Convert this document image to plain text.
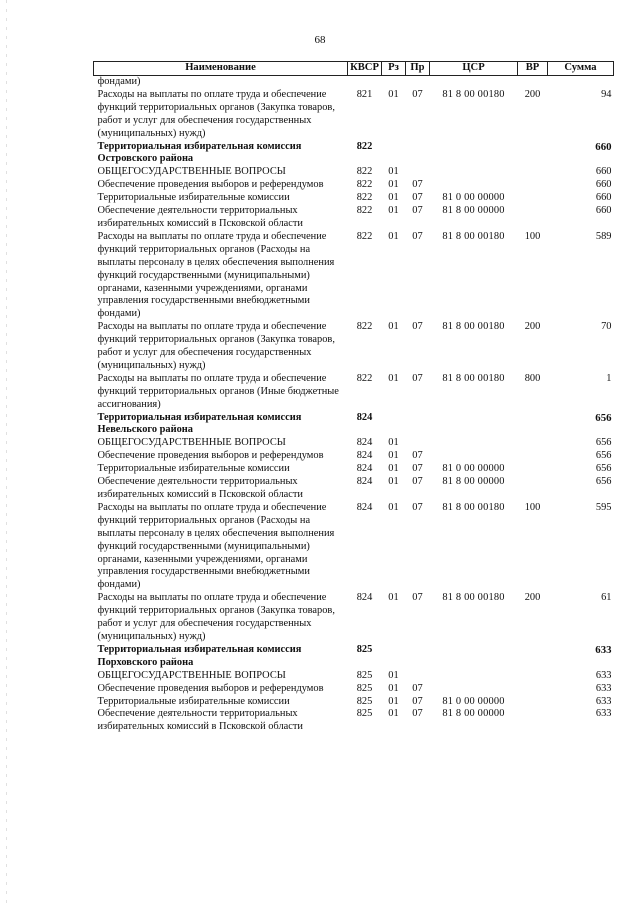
68
Наименование	КВСР	Рз	Пр	ЦСР	ВР	Сумма
фондами)						
Расходы на выплаты по оплате труда и обеспечение функций территориальных органов (Закупка товаров, работ и услуг для обеспечения государственных (муниципальных) нужд)	821	01	07	81 8 00 00180	200	94
Территориальная избирательная комиссия Островского района	822					660
ОБЩЕГОСУДАРСТВЕННЫЕ ВОПРОСЫ	822	01				660
Обеспечение проведения выборов и референдумов	822	01	07			660
Территориальные избирательные комиссии	822	01	07	81 0 00 00000		660
Обеспечение деятельности территориальных избирательных комиссий в Псковской области	822	01	07	81 8 00 00000		660
Расходы на выплаты по оплате труда и обеспечение функций территориальных органов (Расходы на выплаты персоналу в целях обеспечения выполнения функций государственными (муниципальными) органами, казенными учреждениями, органами управления государственными внебюджетными фондами)	822	01	07	81 8 00 00180	100	589
Расходы на выплаты по оплате труда и обеспечение функций территориальных органов (Закупка товаров, работ и услуг для обеспечения государственных (муниципальных) нужд)	822	01	07	81 8 00 00180	200	70
Расходы на выплаты по оплате труда и обеспечение функций территориальных органов (Иные бюджетные ассигнования)	822	01	07	81 8 00 00180	800	1
Территориальная избирательная комиссия Невельского района	824					656
ОБЩЕГОСУДАРСТВЕННЫЕ ВОПРОСЫ	824	01				656
Обеспечение проведения выборов и референдумов	824	01	07			656
Территориальные избирательные комиссии	824	01	07	81 0 00 00000		656
Обеспечение деятельности территориальных избирательных комиссий в Псковской области	824	01	07	81 8 00 00000		656
Расходы на выплаты по оплате труда и обеспечение функций территориальных органов (Расходы на выплаты персоналу в целях обеспечения выполнения функций государственными (муниципальными) органами, казенными учреждениями, органами управления государственными внебюджетными фондами)	824	01	07	81 8 00 00180	100	595
Расходы на выплаты по оплате труда и обеспечение функций территориальных органов (Закупка товаров, работ и услуг для обеспечения государственных (муниципальных) нужд)	824	01	07	81 8 00 00180	200	61
Территориальная избирательная комиссия Порховского района	825					633
ОБЩЕГОСУДАРСТВЕННЫЕ ВОПРОСЫ	825	01				633
Обеспечение проведения выборов и референдумов	825	01	07			633
Территориальные избирательные комиссии	825	01	07	81 0 00 00000		633
Обеспечение деятельности территориальных избирательных комиссий в Псковской области	825	01	07	81 8 00 00000		633
